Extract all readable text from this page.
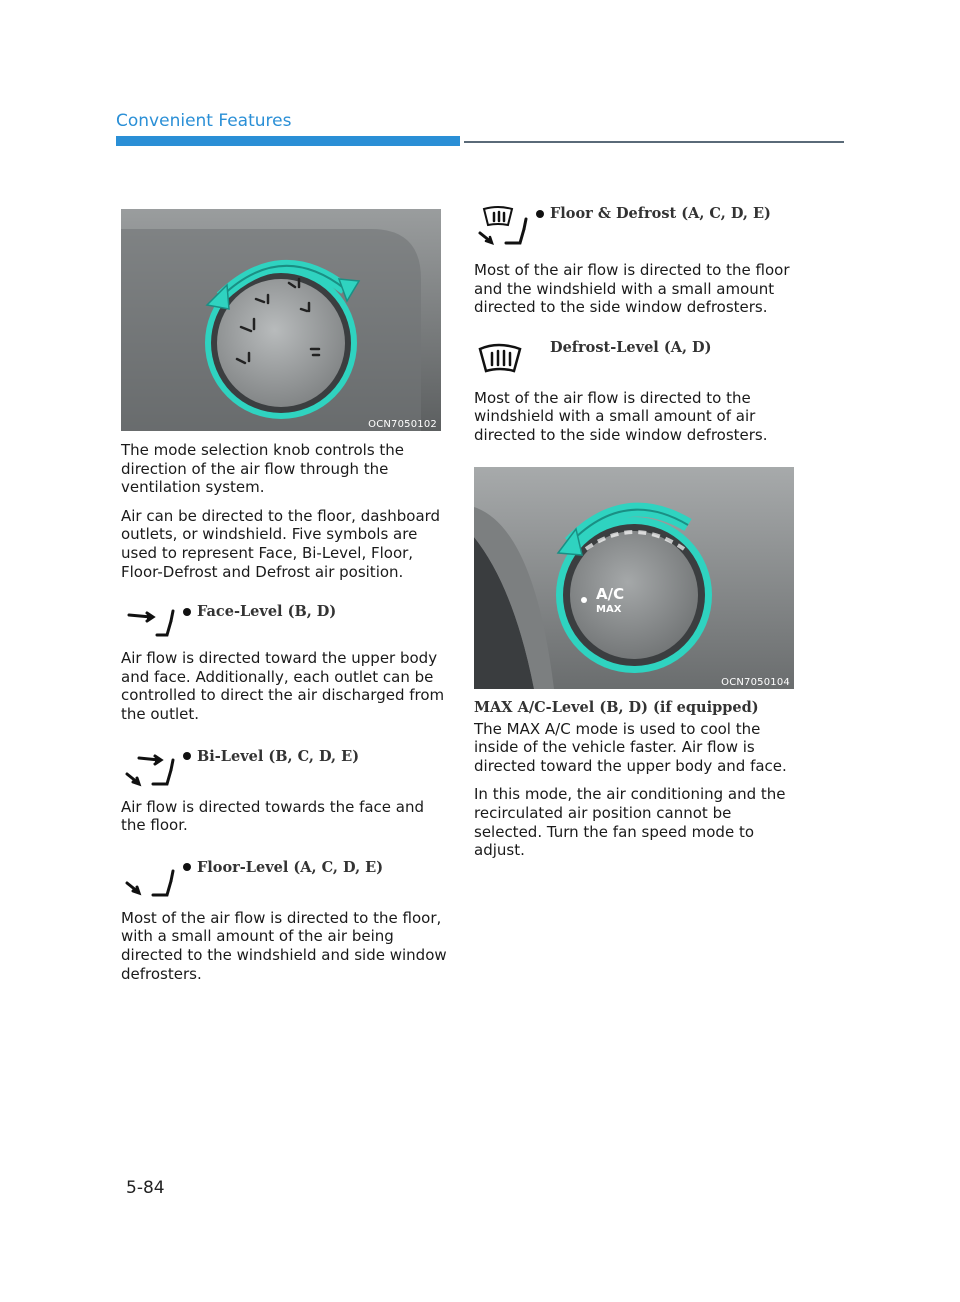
Convenient Features
OCN7050102

The mode selection knob controls the direction of the air flow through the ventilation system.

Air can be directed to the floor, dashboard outlets, or windshield. Five symbols are used to represent Face, Bi-Level, Floor, Floor-Defrost and Defrost air position.

Face-Level (B, D)

Air flow is directed toward the upper body and face. Additionally, each outlet can be controlled to direct the air discharged from the outlet.

Bi-Level (B, C, D, E)

Air flow is directed towards the face and the floor.

Floor-Level (A, C, D, E)

Most of the air flow is directed to the floor, with a small amount of the air being directed to the windshield and side window defrosters.

Floor & Defrost (A, C, D, E)

Most of the air flow is directed to the floor and the windshield with a small amount directed to the side window defrosters.

Defrost-Level (A, D)

Most of the air flow is directed to the windshield with a small amount of air directed to the side window defrosters.

A/C
MAX
OCN7050104
MAX A/C-Level (B, D) (if equipped)

The MAX A/C mode is used to cool the inside of the vehicle faster. Air flow is directed toward the upper body and face.

In this mode, the air conditioning and the recirculated air position cannot be selected. Turn the fan speed mode to adjust.

5-84
